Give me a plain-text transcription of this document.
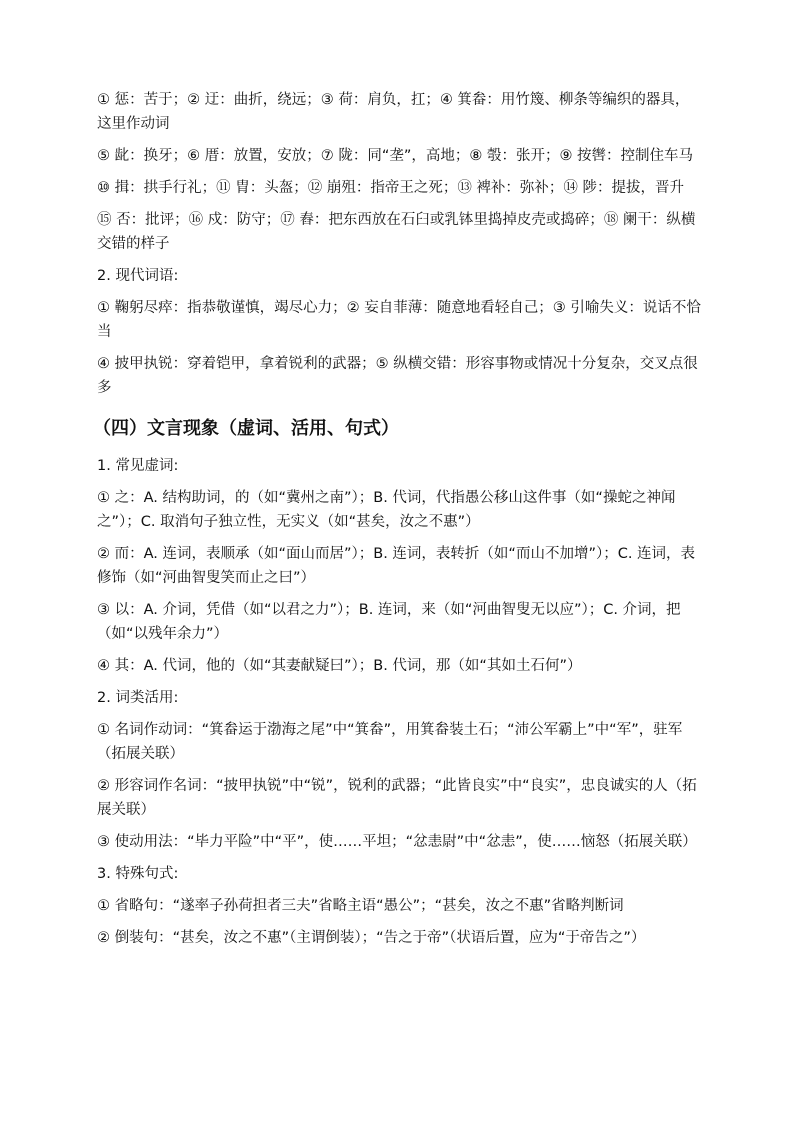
① 惩：苦于；② 迂：曲折，绕远；③ 荷：肩负，扛；④ 箕畚：用竹篾、柳条等编织的器具，这里作动词

⑤ 龀：换牙；⑥ 厝：放置，安放；⑦ 陇：同“垄”，高地；⑧ 彀：张开；⑨ 按辔：控制住车马

⑩ 揖：拱手行礼；⑪ 胄：头盔；⑫ 崩殂：指帝王之死；⑬ 裨补：弥补；⑭ 陟：提拔，晋升

⑮ 否：批评；⑯ 戍：防守；⑰ 舂：把东西放在石臼或乳钵里捣掉皮壳或捣碎；⑱ 阑干：纵横交错的样子

2. 现代词语:

① 鞠躬尽瘁：指恭敬谨慎，竭尽心力；② 妄自菲薄：随意地看轻自己；③ 引喻失义：说话不恰当

④ 披甲执锐：穿着铠甲，拿着锐利的武器；⑤ 纵横交错：形容事物或情况十分复杂，交叉点很多

（四）文言现象（虚词、活用、句式）

1. 常见虚词:

① 之：A. 结构助词，的（如“冀州之南”）；B. 代词，代指愚公移山这件事（如“操蛇之神闻之”）；C. 取消句子独立性，无实义（如“甚矣，汝之不惠”）

② 而：A. 连词，表顺承（如“面山而居”）；B. 连词，表转折（如“而山不加增”）；C. 连词，表修饰（如“河曲智叟笑而止之曰”）

③ 以：A. 介词，凭借（如“以君之力”）；B. 连词，来（如“河曲智叟无以应”）；C. 介词，把（如“以残年余力”）

④ 其：A. 代词，他的（如“其妻献疑曰”）；B. 代词，那（如“其如土石何”）

2. 词类活用:

① 名词作动词：“箕畚运于渤海之尾”中“箕畚”，用箕畚装土石；“沛公军霸上”中“军”，驻军（拓展关联）

② 形容词作名词：“披甲执锐”中“锐”，锐利的武器；“此皆良实”中“良实”，忠良诚实的人（拓展关联）

③ 使动用法：“毕力平险”中“平”，使……平坦；“忿恚尉”中“忿恚”，使……恼怒（拓展关联）

3. 特殊句式:

① 省略句：“遂率子孙荷担者三夫”省略主语“愚公”；“甚矣，汝之不惠”省略判断词

② 倒装句：“甚矣，汝之不惠”（主谓倒装）；“告之于帝”（状语后置，应为“于帝告之”）
